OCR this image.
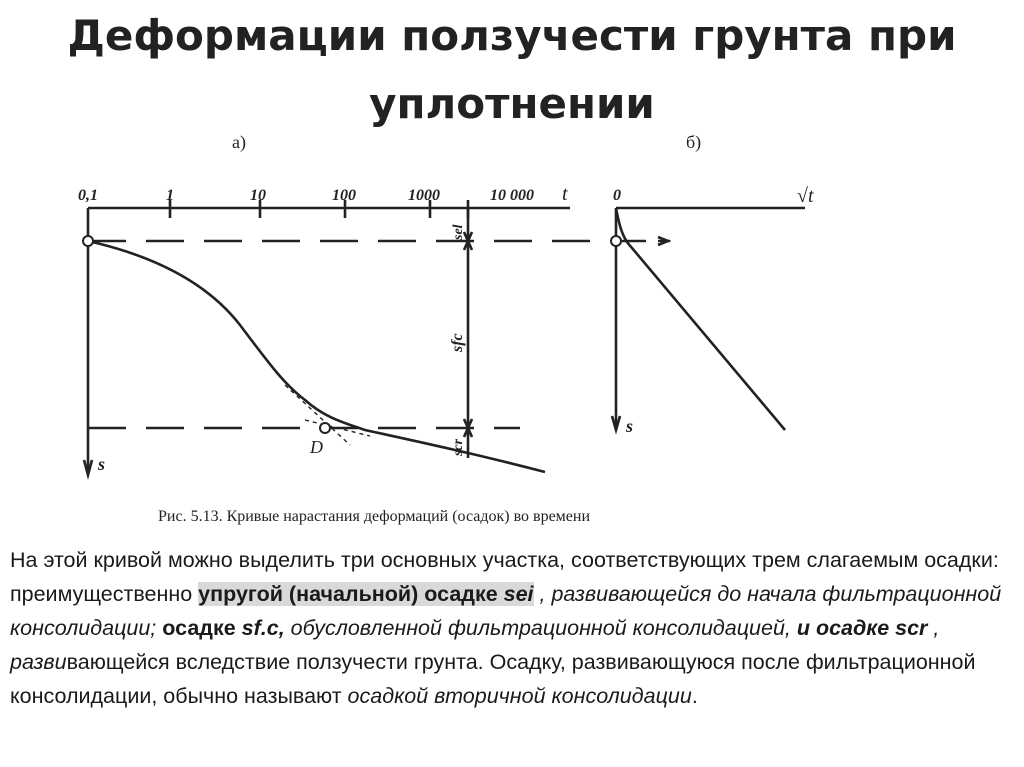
Деформации ползучести грунта при
уплотнении
а)
0,1	1	10	100	1000	10 000 t
s
sel
sfc
scr
D
б)
0	√t
s
Рис. 5.13. Кривые нарастания деформаций (осадок) во времени
На этой кривой можно выделить три основных участка, соответствующих трем слагаемым осадки: преимущественно упругой (начальной) осадке sei , развивающейся до начала фильтрационной консолидации; осадке sf.c, обусловленной фильтрационной консолидацией, и осадке scr , развивающейся вследствие ползучести грунта. Осадку, развивающуюся после фильтрационной консолидации, обычно называют осадкой вторичной консолидации.
